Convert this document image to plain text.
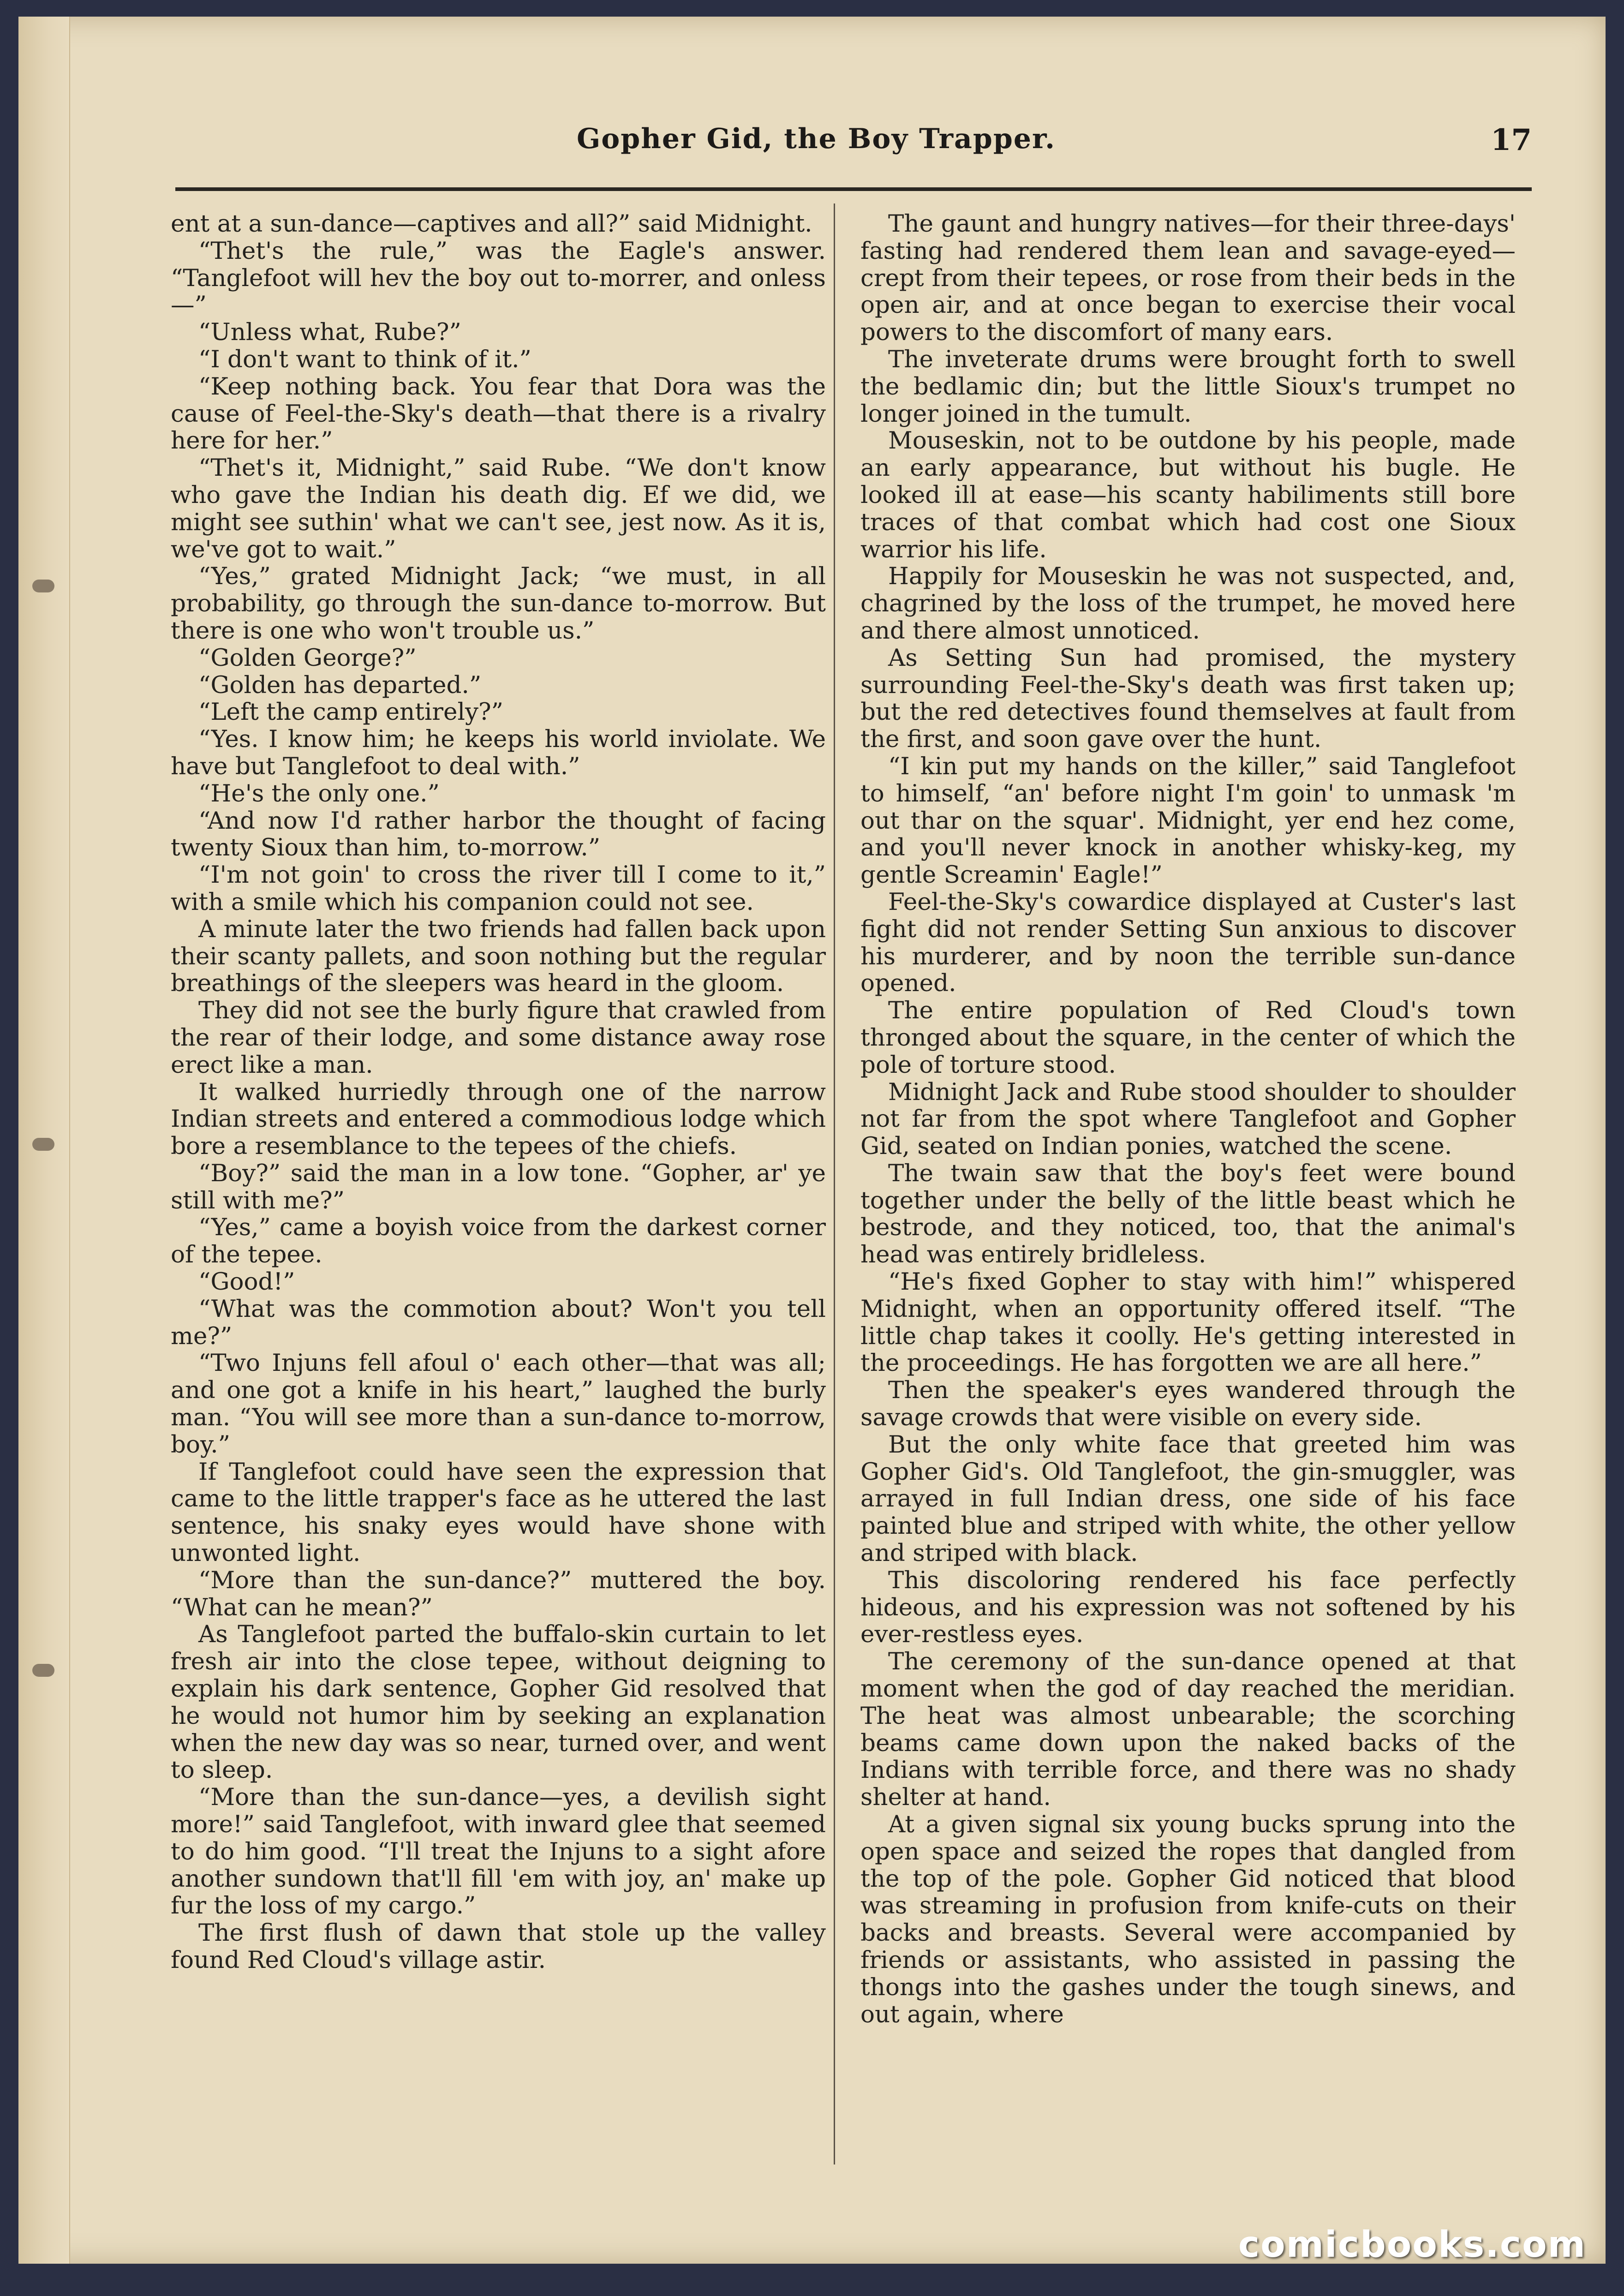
Gopher Gid, the Boy Trapper.	17

ent at a sun-dance—captives and all?” said Midnight.

“Thet's the rule,” was the Eagle's answer. “Tanglefoot will hev the boy out to-morrer, and onless—”

“Unless what, Rube?”

“I don't want to think of it.”

“Keep nothing back. You fear that Dora was the cause of Feel-the-Sky's death—that there is a rivalry here for her.”

“Thet's it, Midnight,” said Rube. “We don't know who gave the Indian his death dig. Ef we did, we might see suthin' what we can't see, jest now. As it is, we've got to wait.”

“Yes,” grated Midnight Jack; “we must, in all probability, go through the sun-dance to-morrow. But there is one who won't trouble us.”

“Golden George?”

“Golden has departed.”

“Left the camp entirely?”

“Yes. I know him; he keeps his world inviolate. We have but Tanglefoot to deal with.”

“He's the only one.”

“And now I'd rather harbor the thought of facing twenty Sioux than him, to-morrow.”

“I'm not goin' to cross the river till I come to it,” with a smile which his companion could not see.

A minute later the two friends had fallen back upon their scanty pallets, and soon nothing but the regular breathings of the sleepers was heard in the gloom.

They did not see the burly figure that crawled from the rear of their lodge, and some distance away rose erect like a man.

It walked hurriedly through one of the narrow Indian streets and entered a commodious lodge which bore a resemblance to the tepees of the chiefs.

“Boy?” said the man in a low tone. “Gopher, ar' ye still with me?”

“Yes,” came a boyish voice from the darkest corner of the tepee.

“Good!”

“What was the commotion about? Won't you tell me?”

“Two Injuns fell afoul o' each other—that was all; and one got a knife in his heart,” laughed the burly man. “You will see more than a sun-dance to-morrow, boy.”

If Tanglefoot could have seen the expression that came to the little trapper's face as he uttered the last sentence, his snaky eyes would have shone with unwonted light.

“More than the sun-dance?” muttered the boy. “What can he mean?”

As Tanglefoot parted the buffalo-skin curtain to let fresh air into the close tepee, without deigning to explain his dark sentence, Gopher Gid resolved that he would not humor him by seeking an explanation when the new day was so near, turned over, and went to sleep.

“More than the sun-dance—yes, a devilish sight more!” said Tanglefoot, with inward glee that seemed to do him good. “I'll treat the Injuns to a sight afore another sundown that'll fill 'em with joy, an' make up fur the loss of my cargo.”

The first flush of dawn that stole up the valley found Red Cloud's village astir.

The gaunt and hungry natives—for their three-days' fasting had rendered them lean and savage-eyed—crept from their tepees, or rose from their beds in the open air, and at once began to exercise their vocal powers to the discomfort of many ears.

The inveterate drums were brought forth to swell the bedlamic din; but the little Sioux's trumpet no longer joined in the tumult.

Mouseskin, not to be outdone by his people, made an early appearance, but without his bugle. He looked ill at ease—his scanty habiliments still bore traces of that combat which had cost one Sioux warrior his life.

Happily for Mouseskin he was not suspected, and, chagrined by the loss of the trumpet, he moved here and there almost unnoticed.

As Setting Sun had promised, the mystery surrounding Feel-the-Sky's death was first taken up; but the red detectives found themselves at fault from the first, and soon gave over the hunt.

“I kin put my hands on the killer,” said Tanglefoot to himself, “an' before night I'm goin' to unmask 'm out thar on the squar'. Midnight, yer end hez come, and you'll never knock in another whisky-keg, my gentle Screamin' Eagle!”

Feel-the-Sky's cowardice displayed at Custer's last fight did not render Setting Sun anxious to discover his murderer, and by noon the terrible sun-dance opened.

The entire population of Red Cloud's town thronged about the square, in the center of which the pole of torture stood.

Midnight Jack and Rube stood shoulder to shoulder not far from the spot where Tanglefoot and Gopher Gid, seated on Indian ponies, watched the scene.

The twain saw that the boy's feet were bound together under the belly of the little beast which he bestrode, and they noticed, too, that the animal's head was entirely bridleless.

“He's fixed Gopher to stay with him!” whispered Midnight, when an opportunity offered itself. “The little chap takes it coolly. He's getting interested in the proceedings. He has forgotten we are all here.”

Then the speaker's eyes wandered through the savage crowds that were visible on every side.

But the only white face that greeted him was Gopher Gid's. Old Tanglefoot, the gin-smuggler, was arrayed in full Indian dress, one side of his face painted blue and striped with white, the other yellow and striped with black.

This discoloring rendered his face perfectly hideous, and his expression was not softened by his ever-restless eyes.

The ceremony of the sun-dance opened at that moment when the god of day reached the meridian. The heat was almost unbearable; the scorching beams came down upon the naked backs of the Indians with terrible force, and there was no shady shelter at hand.

At a given signal six young bucks sprung into the open space and seized the ropes that dangled from the top of the pole. Gopher Gid noticed that blood was streaming in profusion from knife-cuts on their backs and breasts. Several were accompanied by friends or assistants, who assisted in passing the thongs into the gashes under the tough sinews, and out again, where

comicbooks.com
